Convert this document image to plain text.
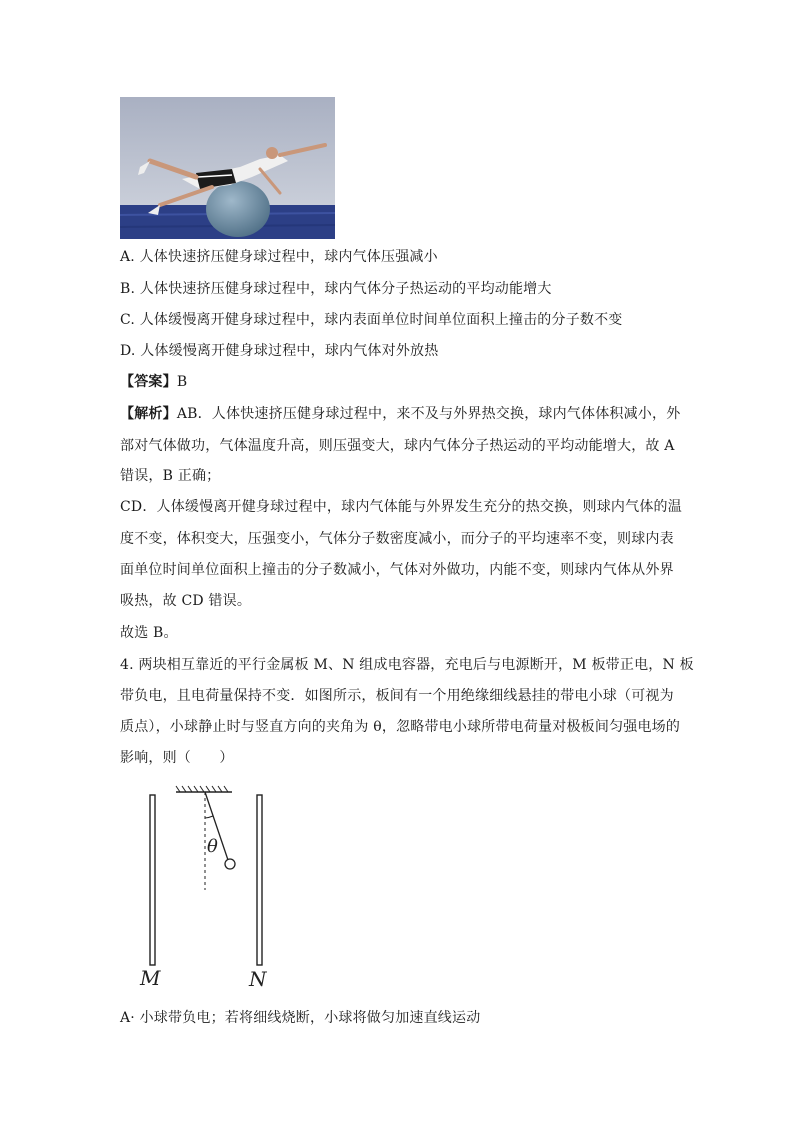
A. 人体快速挤压健身球过程中，球内气体压强减小
B. 人体快速挤压健身球过程中，球内气体分子热运动的平均动能增大
C. 人体缓慢离开健身球过程中，球内表面单位时间单位面积上撞击的分子数不变
D. 人体缓慢离开健身球过程中，球内气体对外放热
【答案】B
【解析】AB．人体快速挤压健身球过程中，来不及与外界热交换，球内气体体积减小，外
部对气体做功，气体温度升高，则压强变大，球内气体分子热运动的平均动能增大，故 A
错误，B 正确；
CD．人体缓慢离开健身球过程中，球内气体能与外界发生充分的热交换，则球内气体的温
度不变，体积变大，压强变小，气体分子数密度减小，而分子的平均速率不变，则球内表
面单位时间单位面积上撞击的分子数减小，气体对外做功，内能不变，则球内气体从外界
吸热，故 CD 错误。
故选 B。
4. 两块相互靠近的平行金属板 M、N 组成电容器，充电后与电源断开，M 板带正电，N 板
带负电，且电荷量保持不变．如图所示，板间有一个用绝缘细线悬挂的带电小球（可视为
质点），小球静止时与竖直方向的夹角为 θ，忽略带电小球所带电荷量对极板间匀强电场的
影响，则（　　）
θ
M	N
A· 小球带负电；若将细线烧断，小球将做匀加速直线运动
